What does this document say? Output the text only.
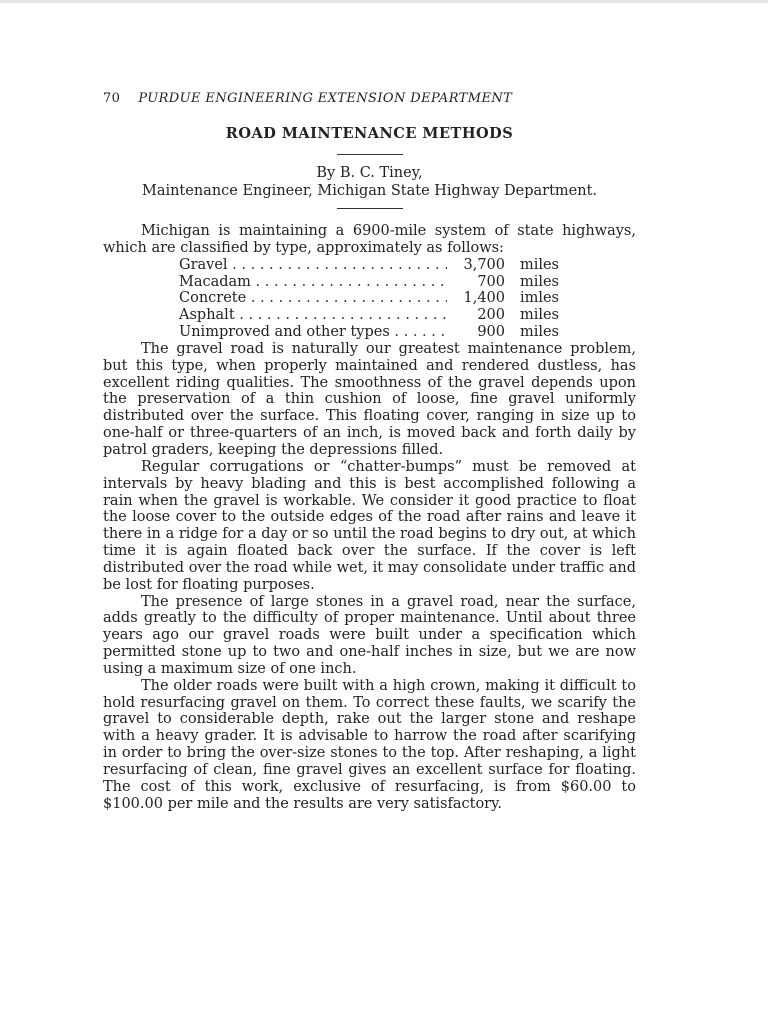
70 PURDUE ENGINEERING EXTENSION DEPARTMENT
ROAD MAINTENANCE METHODS

By B. C. Tiney,

Maintenance Engineer, Michigan State Highway Department.

Michigan is maintaining a 6900-mile system of state highways, which are classified by type, approximately as follows:

Gravel . . .	3,700	miles
Macadam . . .	700	miles
Concrete . . .	1,400	imles
Asphalt . . .	200	miles
Unimproved and other types . . .	900	miles

The gravel road is naturally our greatest maintenance problem, but this type, when properly maintained and rendered dustless, has excellent riding qualities. The smoothness of the gravel depends upon the preservation of a thin cushion of loose, fine gravel uniformly distributed over the surface. This floating cover, ranging in size up to one-half or three-quarters of an inch, is moved back and forth daily by patrol graders, keeping the depressions filled.

Regular corrugations or “chatter-bumps” must be removed at intervals by heavy blading and this is best accomplished following a rain when the gravel is workable. We consider it good practice to float the loose cover to the outside edges of the road after rains and leave it there in a ridge for a day or so until the road begins to dry out, at which time it is again floated back over the surface. If the cover is left distributed over the road while wet, it may consolidate under traffic and be lost for floating purposes.

The presence of large stones in a gravel road, near the surface, adds greatly to the difficulty of proper maintenance. Until about three years ago our gravel roads were built under a specification which permitted stone up to two and one-half inches in size, but we are now using a maximum size of one inch.

The older roads were built with a high crown, making it difficult to hold resurfacing gravel on them. To correct these faults, we scarify the gravel to considerable depth, rake out the larger stone and reshape with a heavy grader. It is advisable to harrow the road after scarifying in order to bring the over-size stones to the top. After reshaping, a light resurfacing of clean, fine gravel gives an excellent surface for floating. The cost of this work, exclusive of resurfacing, is from $60.00 to $100.00 per mile and the results are very satisfactory.
